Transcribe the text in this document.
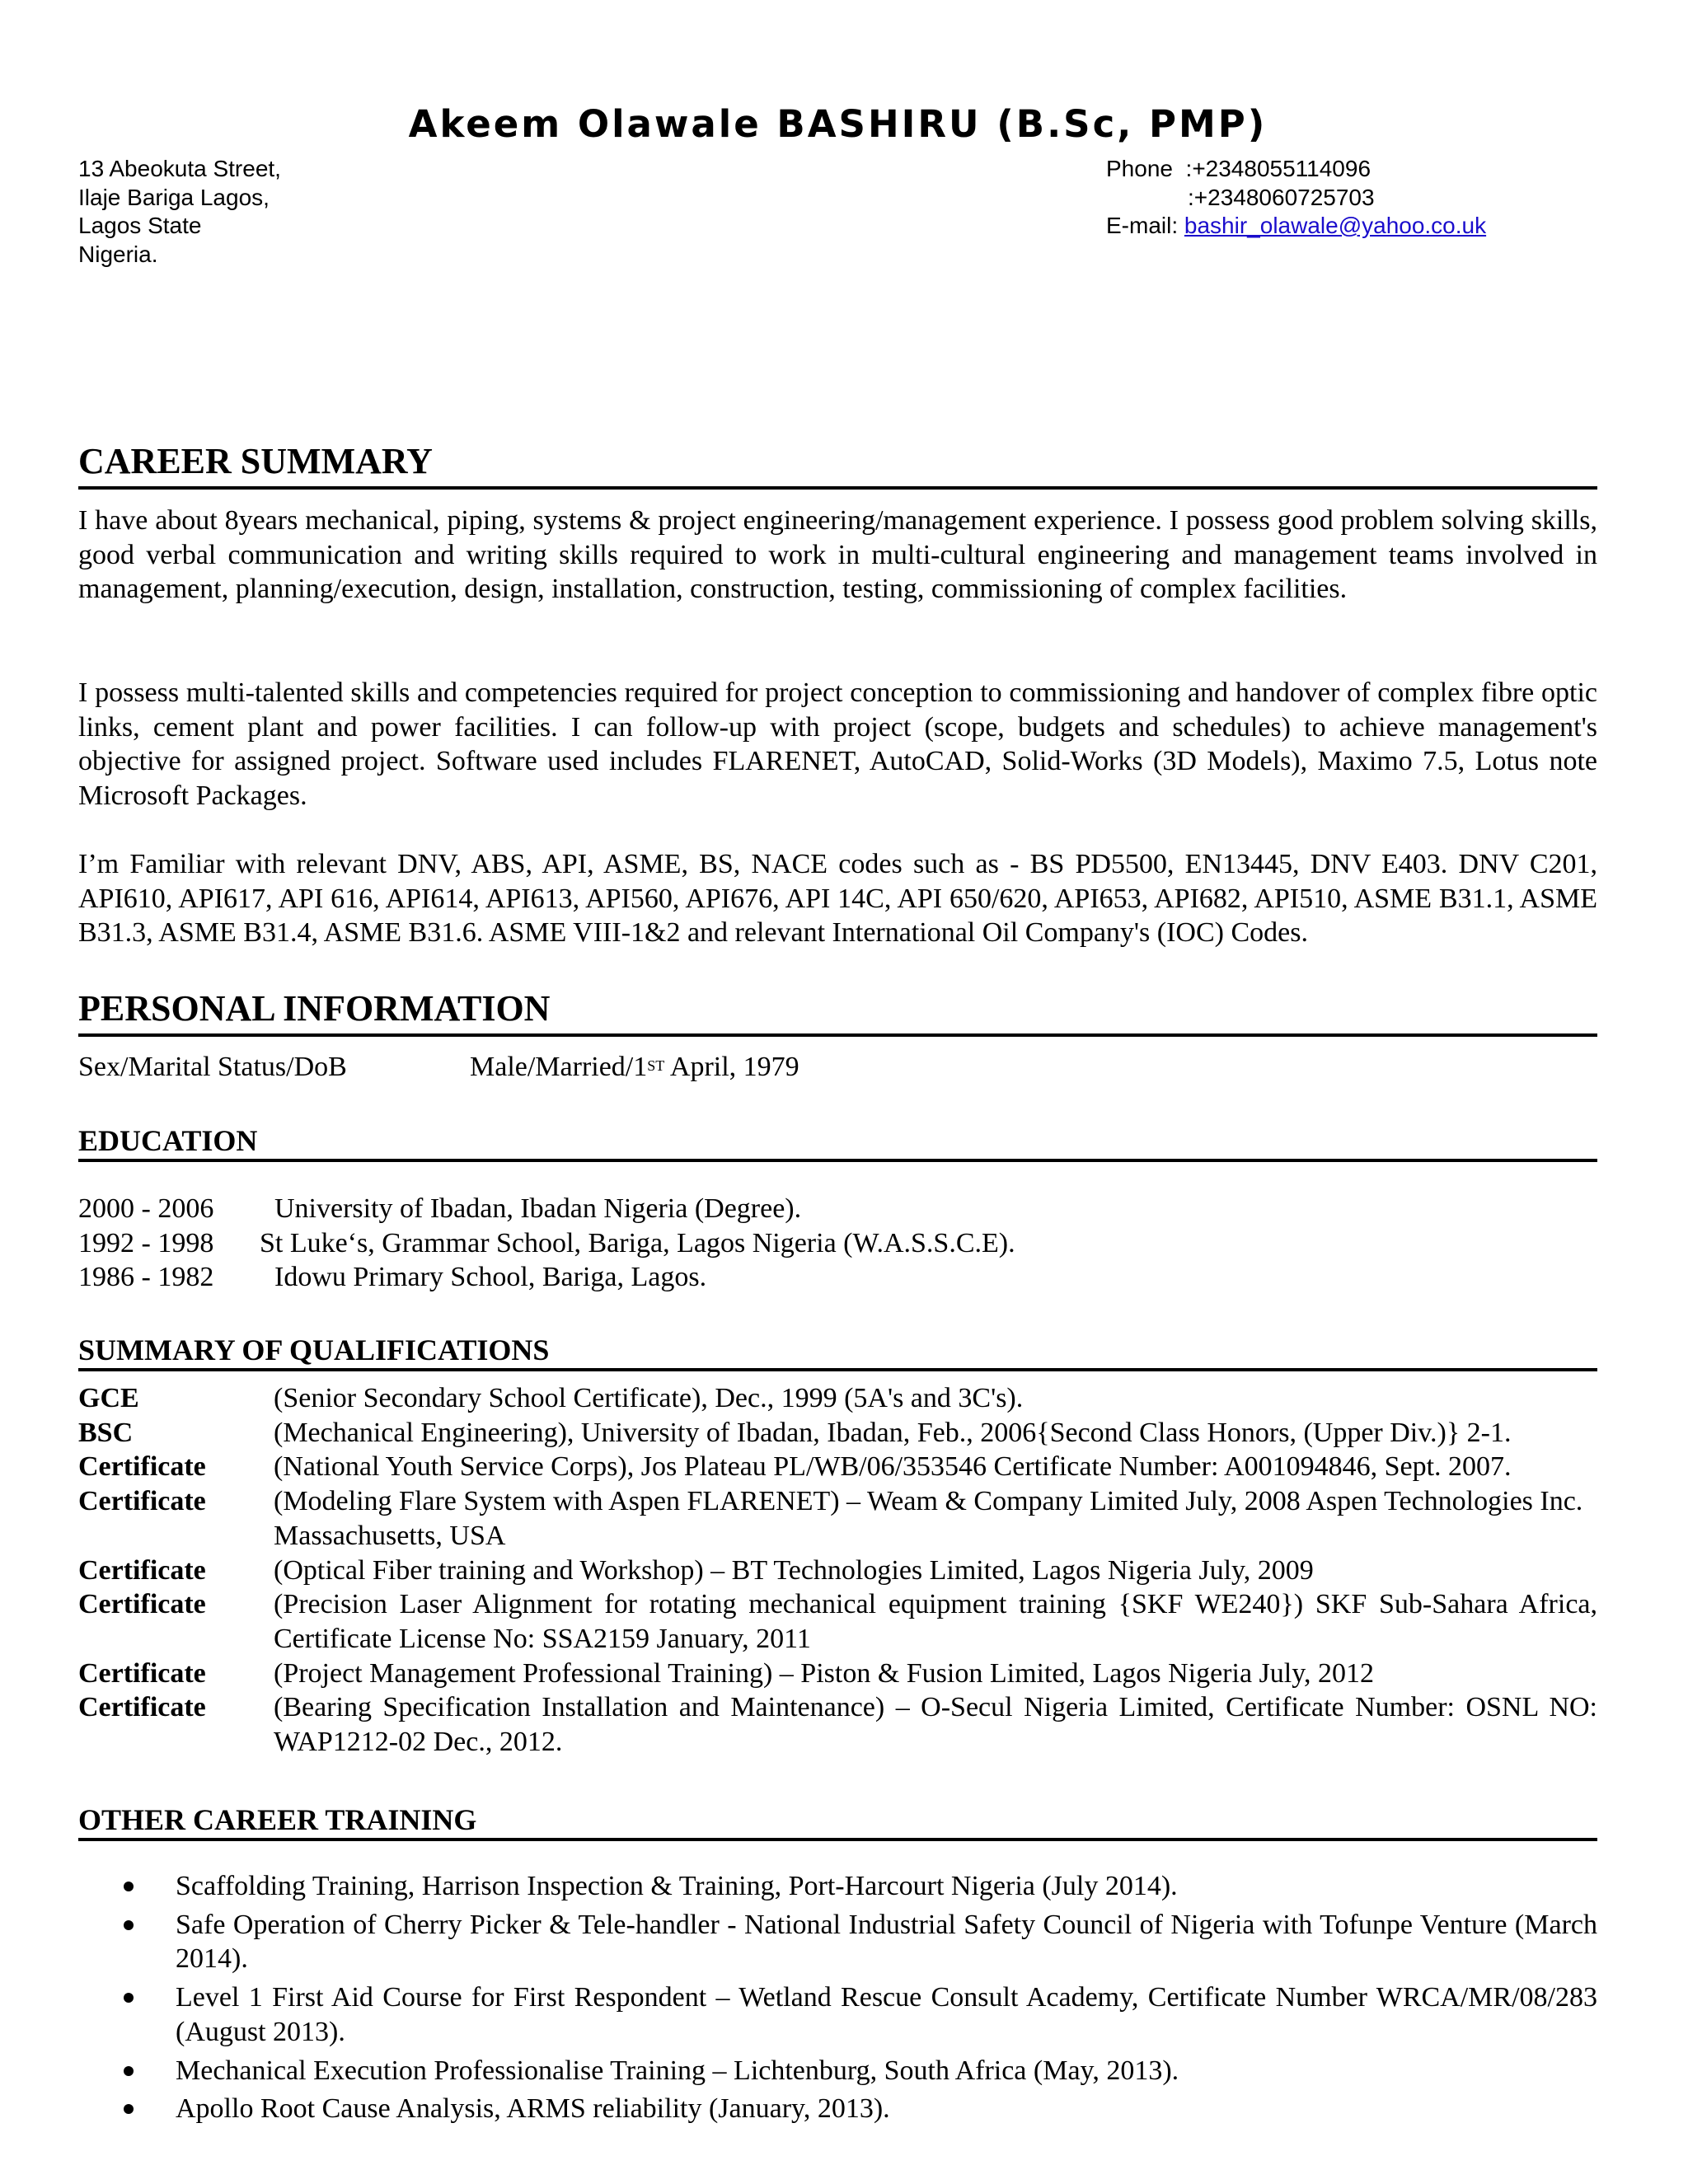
Akeem Olawale BASHIRU (B.Sc, PMP)
13 Abeokuta Street,
Ilaje Bariga Lagos,
Lagos State
Nigeria.
Phone  :+2348055114096
:+2348060725703
E-mail: bashir_olawale@yahoo.co.uk
CAREER SUMMARY
I have about 8years mechanical, piping, systems & project engineering/management experience. I possess good problem solving skills, good verbal communication and writing skills required to work in multi-cultural engineering and management teams involved in management, planning/execution, design, installation, construction, testing, commissioning of complex facilities.
I possess multi-talented skills and competencies required for project conception to commissioning and handover of complex fibre optic links, cement plant and power facilities. I can follow-up with project (scope, budgets and schedules) to achieve management's objective for assigned project. Software used includes FLARENET, AutoCAD, Solid-Works (3D Models), Maximo 7.5, Lotus note Microsoft Packages.
I’m Familiar with relevant DNV, ABS, API, ASME, BS, NACE codes such as - BS PD5500, EN13445, DNV E403. DNV C201, API610, API617, API 616, API614, API613, API560, API676, API 14C, API 650/620, API653, API682, API510, ASME B31.1, ASME B31.3, ASME B31.4, ASME B31.6. ASME VIII-1&2 and relevant International Oil Company's (IOC) Codes.
PERSONAL INFORMATION
Sex/Marital Status/DoB	Male/Married/1ST April, 1979
EDUCATION
2000 - 2006 University of Ibadan, Ibadan Nigeria (Degree).
1992 - 1998 St Luke‘s, Grammar School, Bariga, Lagos Nigeria (W.A.S.S.C.E).
1986 - 1982 Idowu Primary School, Bariga, Lagos.
SUMMARY OF QUALIFICATIONS
GCE	(Senior Secondary School Certificate), Dec., 1999 (5A's and 3C's).
BSC	(Mechanical Engineering), University of Ibadan, Ibadan, Feb., 2006{Second Class Honors, (Upper Div.)} 2-1.
Certificate	(National Youth Service Corps), Jos Plateau PL/WB/06/353546 Certificate Number: A001094846, Sept. 2007.
Certificate	(Modeling Flare System with Aspen FLARENET) – Weam & Company Limited July, 2008 Aspen Technologies Inc. Massachusetts, USA
Certificate	(Optical Fiber training and Workshop) – BT Technologies Limited, Lagos Nigeria July, 2009
Certificate	(Precision Laser Alignment for rotating mechanical equipment training {SKF WE240}) SKF Sub-Sahara Africa, Certificate License No: SSA2159 January, 2011
Certificate	(Project Management Professional Training) – Piston & Fusion Limited, Lagos Nigeria July, 2012
Certificate	(Bearing Specification Installation and Maintenance) – O-Secul Nigeria Limited, Certificate Number: OSNL NO: WAP1212-02 Dec., 2012.
OTHER CAREER TRAINING
Scaffolding Training, Harrison Inspection & Training, Port-Harcourt Nigeria (July 2014).
Safe Operation of Cherry Picker & Tele-handler - National Industrial Safety Council of Nigeria with Tofunpe Venture (March 2014).
Level 1 First Aid Course for First Respondent – Wetland Rescue Consult Academy, Certificate Number WRCA/MR/08/283 (August 2013).
Mechanical Execution Professionalise Training – Lichtenburg, South Africa (May, 2013).
Apollo Root Cause Analysis, ARMS reliability (January, 2013).
